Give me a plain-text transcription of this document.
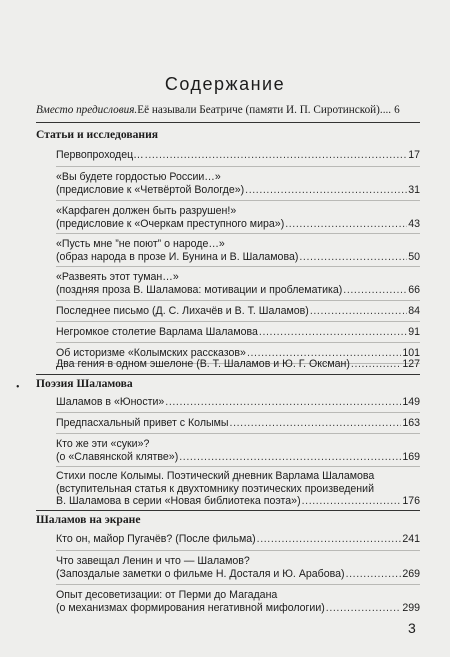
Содержание
Вместо предисловия. Её называли Беатриче (памяти И. П. Сиротинской) .... 6
Статьи и исследования
Первопроходец… .....	17
«Вы будете гордостью России…»
(предисловие к «Четвёртой Вологде») .....	31
«Карфаген должен быть разрушен!»
(предисловие к «Очеркам преступного мира») .....	43
«Пусть мне ”не поют” о народе…»
(образ народа в прозе И. Бунина и В. Шаламова) .....	50
«Развеять этот туман…»
(поздняя проза В. Шаламова: мотивации и проблематика) .....	66
Последнее письмо (Д. С. Лихачёв и В. Т. Шаламов) .....	84
Негромкое столетие Варлама Шаламова .....	91
Об историзме «Колымских рассказов» .....	101
Два гения в одном эшелоне (В. Т. Шаламов и Ю. Г. Оксман) .....	127
• Поэзия Шаламова
Шаламов в «Юности» .....	149
Предпасхальный привет с Колымы .....	163
Кто же эти «суки»?
(о «Славянской клятве») .....	169
Стихи после Колымы. Поэтический дневник Варлама Шаламова
(вступительная статья к двухтомнику поэтических произведений
В. Шаламова в серии «Новая библиотека поэта») .....	176
Шаламов на экране
Кто он, майор Пугачёв? (После фильма) .....	241
Что завещал Ленин и что — Шаламов?
(Запоздалые заметки о фильме Н. Досталя и Ю. Арабова) .....	269
Опыт десоветизации: от Перми до Магадана
(о механизмах формирования негативной мифологии) .....	299
3
